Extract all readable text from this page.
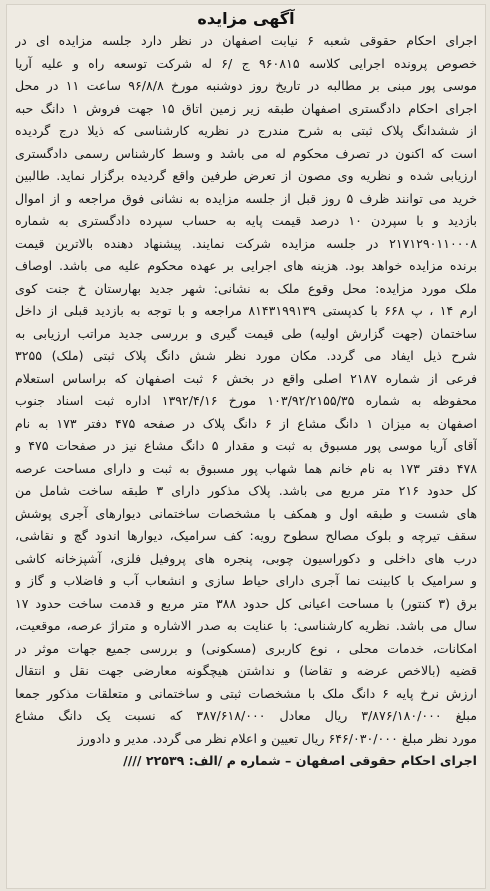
آگهی مزایده
اجرای احکام حقوقی شعبه ۶ نیابت اصفهان در نظر دارد جلسه مزایده ای در
خصوص پرونده اجرایی کلاسه ۹۶۰۸۱۵ ج /۶ له شرکت توسعه راه و علیه آریا
موسی پور مبنی بر مطالبه در تاریخ روز دوشنبه مورخ ۹۶/۸/۸ ساعت ۱۱ در محل
اجرای احکام دادگستری اصفهان طبقه زیر زمین اتاق ۱۵ جهت فروش ۱ دانگ حبه
از ششدانگ پلاک ثبتی به شرح مندرج در نظریه کارشناسی که ذیلا درج گردیده
است که اکنون در تصرف محکوم له می باشد و وسط کارشناس رسمی دادگستری
ارزیابی شده و نظریه وی مصون از تعرض طرفین واقع گردیده برگزار نماید. طالبین
خرید می توانند ظرف ۵ روز قبل از جلسه مزایده به نشانی فوق مراجعه و از اموال
بازدید و با سپردن ۱۰ درصد قیمت پایه به حساب سپرده دادگستری به شماره
۲۱۷۱۲۹۰۱۱۰۰۰۸ در جلسه مزایده شرکت نمایند. پیشنهاد دهنده بالاترین قیمت
برنده مزایده خواهد بود. هزینه های اجرایی بر عهده محکوم علیه می باشد. اوصاف
ملک مورد مزایده: محل وقوع ملک به نشانی: شهر جدید بهارستان خ جنت کوی
ارم ۱۴ ، پ ۶۶۸ با کدپستی ۸۱۴۳۱۹۹۱۳۹ مراجعه و با توجه به بازدید قبلی از داخل
ساختمان (جهت گزارش اولیه) طی قیمت گیری و بررسی جدید مراتب ارزیابی به
شرح ذیل ایفاد می گردد. مکان مورد نظر شش دانگ پلاک ثبتی (ملک) ۳۲۵۵
فرعی از شماره ۲۱۸۷ اصلی واقع در بخش ۶ ثبت اصفهان که براساس استعلام
محفوظه به شماره ۱۰۳/۹۲/۲۱۵۵/۳۵ مورخ ۱۳۹۲/۴/۱۶ اداره ثبت اسناد جنوب
اصفهان به میزان ۱ دانگ مشاع از ۶ دانگ پلاک در صفحه ۴۷۵ دفتر ۱۷۳ به نام
آقای آریا موسی پور مسبوق به ثبت و مقدار ۵ دانگ مشاع نیز در صفحات ۴۷۵ و
۴۷۸ دفتر ۱۷۳ به نام خانم هما شهاب پور مسبوق به ثبت و دارای مساحت عرصه
کل حدود ۲۱۶ متر مربع می باشد. پلاک مذکور دارای ۳ طبقه ساخت شامل من
های شست و طبقه اول و همکف با مشخصات ساختمانی دیوارهای آجری پوشش
سقف تیرچه و بلوک مصالح سطوح رویه: کف سرامیک، دیوارها اندود گچ و نقاشی،
درب های داخلی و دکوراسیون چوبی، پنجره های پروفیل فلزی، آشپزخانه کاشی
و سرامیک با کابینت نما آجری دارای حیاط سازی و انشعاب آب و فاضلاب و گاز و
برق (۳ کنتور) با مساحت اعیانی کل حدود ۳۸۸ متر مربع و قدمت ساخت حدود ۱۷
سال می باشد. نظریه کارشناسی: با عنایت به صدر الاشاره و متراژ عرصه، موقعیت،
امکانات، خدمات محلی ، نوع کاربری (مسکونی) و بررسی جمیع جهات موثر در
قضیه (بالاخص عرضه و تقاضا) و نداشتن هیچگونه معارضی جهت نقل و انتقال
ارزش نرخ پایه ۶ دانگ ملک با مشخصات ثبتی و ساختمانی و متعلقات مذکور جمعا
مبلغ ۳/۸۷۶/۱۸۰/۰۰۰ ریال معادل ۳۸۷/۶۱۸/۰۰۰ که نسبت یک دانگ مشاع
مورد نظر مبلغ ۶۴۶/۰۳۰/۰۰۰ ریال تعیین و اعلام نظر می گردد. مدیر و دادورز
اجرای احکام حقوقی اصفهان – شماره م /الف: ۲۲۵۳۹ ////
